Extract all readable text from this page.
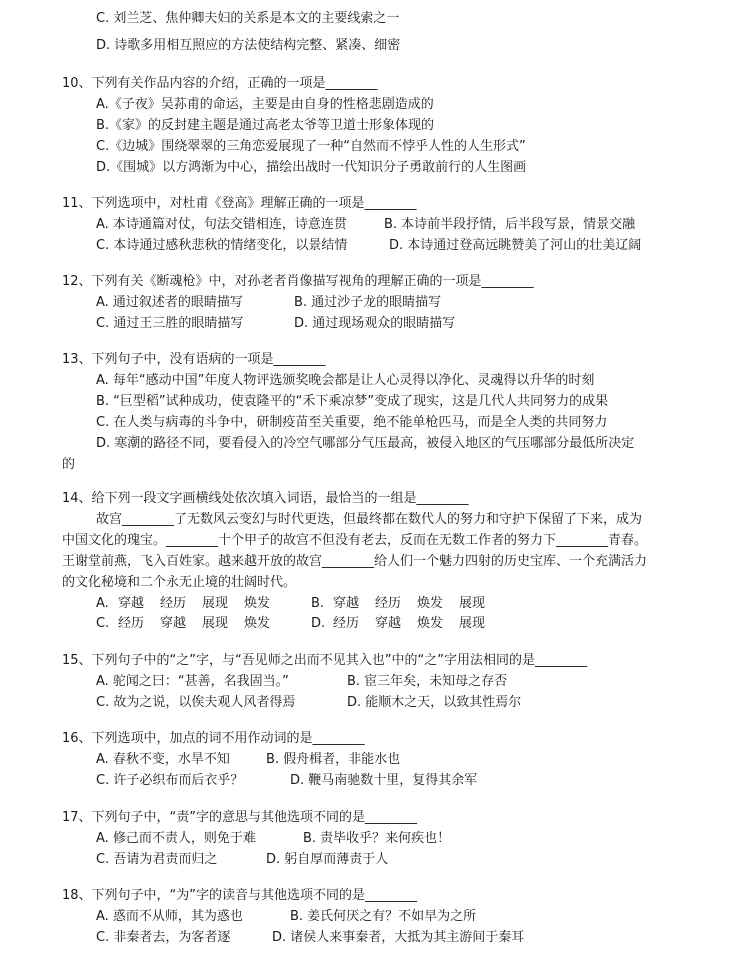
C. 刘兰芝、焦仲卿夫妇的关系是本文的主要线索之一
D. 诗歌多用相互照应的方法使结构完整、紧凑、细密
10、下列有关作品内容的介绍，正确的一项是________
A.《子夜》吴荪甫的命运，主要是由自身的性格悲剧造成的
B.《家》的反封建主题是通过高老太爷等卫道士形象体现的
C.《边城》围绕翠翠的三角恋爱展现了一种“自然而不悖乎人性的人生形式”
D.《围城》以方鸿渐为中心，描绘出战时一代知识分子勇敢前行的人生图画
11、下列选项中，对杜甫《登高》理解正确的一项是________
A. 本诗通篇对仗，句法交错相连，诗意连贯	B. 本诗前半段抒情，后半段写景，情景交融
C. 本诗通过感秋悲秋的情绪变化，以景结情	D. 本诗通过登高远眺赞美了河山的壮美辽阔
12、下列有关《断魂枪》中，对孙老者肖像描写视角的理解正确的一项是________
A. 通过叙述者的眼睛描写	B. 通过沙子龙的眼睛描写
C. 通过王三胜的眼睛描写	D. 通过现场观众的眼睛描写
13、下列句子中，没有语病的一项是________
A. 每年“感动中国”年度人物评选颁奖晚会都是让人心灵得以净化、灵魂得以升华的时刻
B. “巨型稻”试种成功，使袁隆平的“禾下乘凉梦”变成了现实，这是几代人共同努力的成果
C. 在人类与病毒的斗争中，研制疫苗至关重要，绝不能单枪匹马，而是全人类的共同努力
D. 寒潮的路径不同，要看侵入的冷空气哪部分气压最高，被侵入地区的气压哪部分最低所决定
的
14、给下列一段文字画横线处依次填入词语，最恰当的一组是________
故宫________了无数风云变幻与时代更迭，但最终都在数代人的努力和守护下保留了下来，成为
中国文化的瑰宝。________十个甲子的故宫不但没有老去，反而在无数工作者的努力下________青春。
王谢堂前燕，飞入百姓家。越来越开放的故宫________给人们一个魅力四射的历史宝库、一个充满活力
的文化秘境和二个永无止境的壮阔时代。
A. 穿越 经历 展现 焕发	B. 穿越 经历 焕发 展现
C. 经历 穿越 展现 焕发	D. 经历 穿越 焕发 展现
15、下列句子中的“之”字，与“吾见师之出而不见其入也”中的“之”字用法相同的是________
A. 驼闻之曰：“甚善，名我固当。”	B. 宦三年矣，未知母之存否
C. 故为之说，以俟夫观人风者得焉	D. 能顺木之天，以致其性焉尔
16、下列选项中，加点的词不用作动词的是________
A. 春秋不变，水旱不知	B. 假舟楫者，非能水也
C. 许子必织布而后衣乎？	D. 鞭马南驰数十里，复得其余军
17、下列句子中，“责”字的意思与其他选项不同的是________
A. 修己而不责人，则免于难	B. 责毕收乎？来何疾也！
C. 吾请为君责而归之	D. 躬自厚而薄责于人
18、下列句子中，“为”字的读音与其他选项不同的是________
A. 惑而不从师，其为惑也	B. 姜氏何厌之有？不如早为之所
C. 非秦者去，为客者逐	D. 诸侯人来事秦者，大抵为其主游间于秦耳
